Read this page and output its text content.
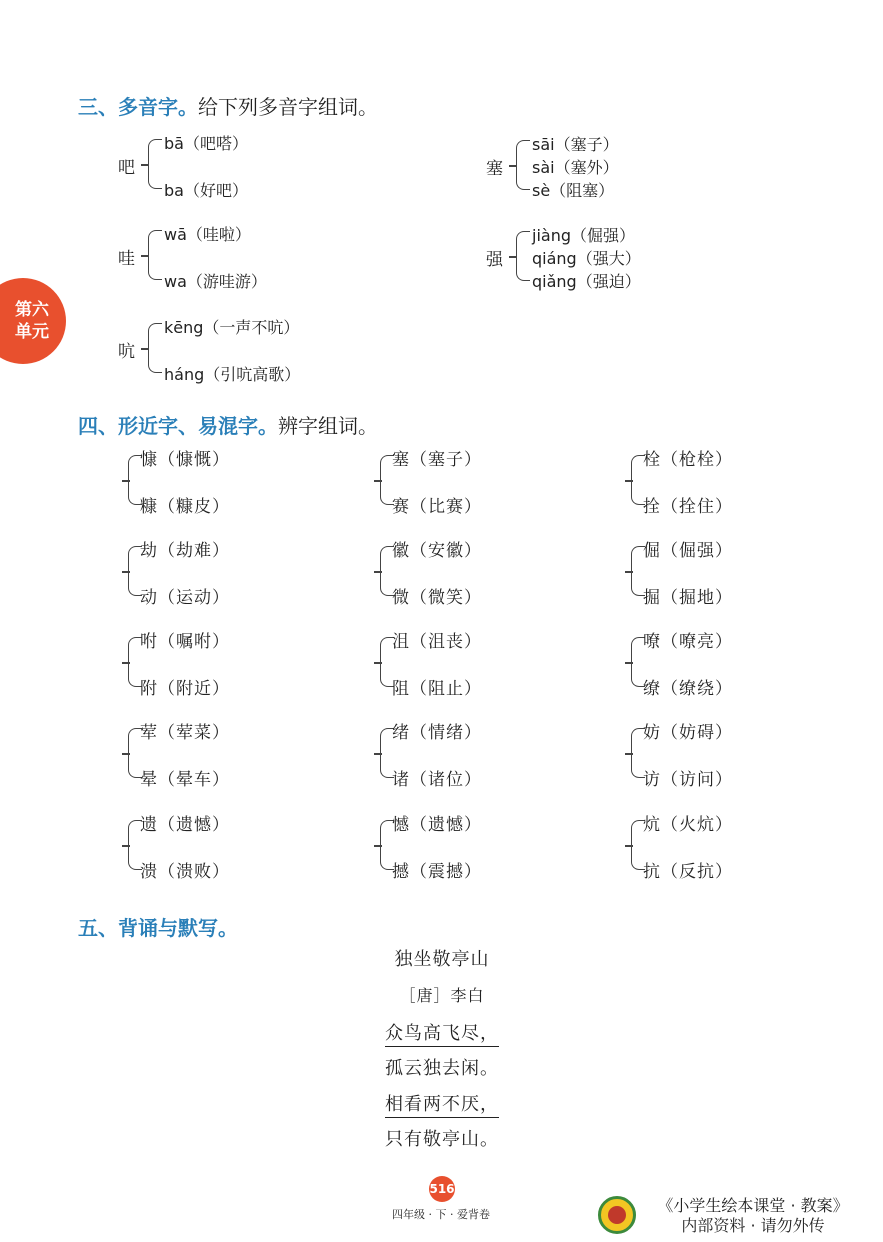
第六
单元
三、多音字。给下列多音字组词。
吧
bā（吧嗒）
ba（好吧）
哇
wā（哇啦）
wa（游哇游）
吭
kēng（一声不吭）
háng（引吭高歌）
塞
sāi（塞子）
sài（塞外）
sè（阻塞）
强
jiàng（倔强）
qiáng（强大）
qiǎng（强迫）
四、形近字、易混字。辨字组词。
慷（慷慨）
糠（糠皮）
塞（塞子）
赛（比赛）
栓（枪栓）
拴（拴住）
劫（劫难）
动（运动）
徽（安徽）
微（微笑）
倔（倔强）
掘（掘地）
咐（嘱咐）
附（附近）
沮（沮丧）
阻（阻止）
嘹（嘹亮）
缭（缭绕）
荤（荤菜）
晕（晕车）
绪（情绪）
诸（诸位）
妨（妨碍）
访（访问）
遗（遗憾）
溃（溃败）
憾（遗憾）
撼（震撼）
炕（火炕）
抗（反抗）
五、背诵与默写。
独坐敬亭山
［唐］李白
众鸟高飞尽，
孤云独去闲。
相看两不厌，
只有敬亭山。
516
四年级 · 下 · 爱背卷	《小学生绘本课堂 · 教案》
内部资料 · 请勿外传
